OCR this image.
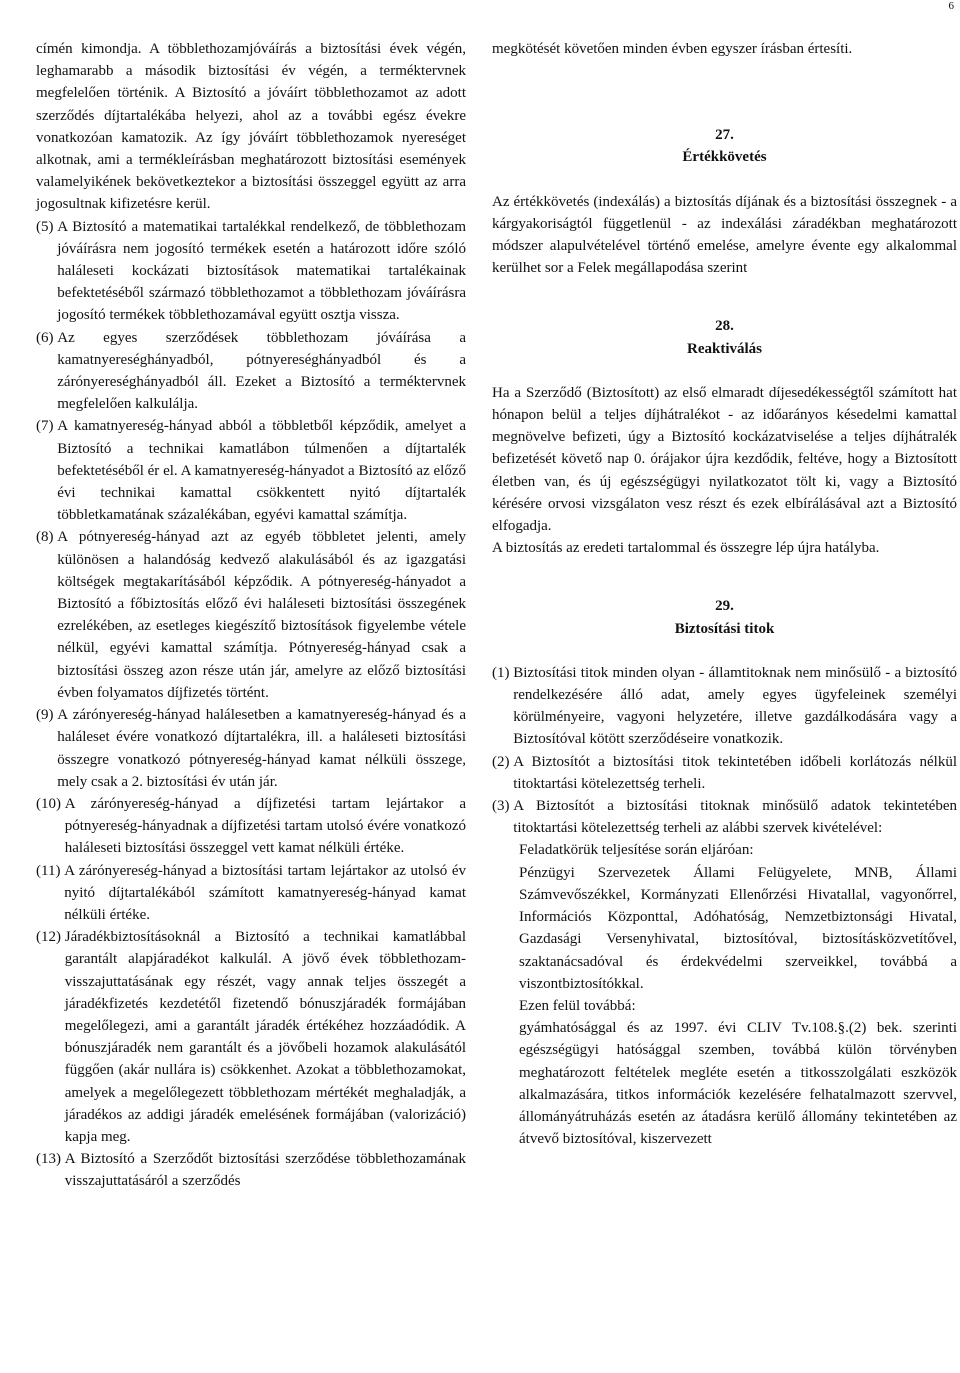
6

címén kimondja. A többlethozamjóváírás a biztosítási évek végén, leghamarabb a második biztosítási év végén, a terméktervnek megfelelően történik. A Biztosító a jóváírt többlethozamot az adott szerződés díjtartalékába helyezi, ahol az a további egész évekre vonatkozóan kamatozik. Az így jóváírt többlethozamok nyereséget alkotnak, ami a termékleírásban meghatározott biztosítási események valamelyikének bekövetkeztekor a biztosítási összeggel együtt az arra jogosultnak kifizetésre kerül.

(5) A Biztosító a matematikai tartalékkal rendelkező, de többlethozam jóváírásra nem jogosító termékek esetén a határozott időre szóló haláleseti kockázati biztosítások matematikai tartalékainak befektetéséből származó többlethozamot a többlethozam jóváírásra jogosító termékek többlethozamával együtt osztja vissza.
(6) Az egyes szerződések többlethozam jóváírása a kamatnyereséghányadból, pótnyereséghányadból és a zárónyereséghányadból áll. Ezeket a Biztosító a terméktervnek megfelelően kalkulálja.
(7) A kamatnyereség-hányad abból a többletből képződik, amelyet a Biztosító a technikai kamatlábon túlmenően a díjtartalék befektetéséből ér el. A kamatnyereség-hányadot a Biztosító az előző évi technikai kamattal csökkentett nyitó díjtartalék többletkamatának százalékában, egyévi kamattal számítja.
(8) A pótnyereség-hányad azt az egyéb többletet jelenti, amely különösen a halandóság kedvező alakulásából és az igazgatási költségek megtakarításából képződik. A pótnyereség-hányadot a Biztosító a főbiztosítás előző évi haláleseti biztosítási összegének ezrelékében, az esetleges kiegészítő biztosítások figyelembe vétele nélkül, egyévi kamattal számítja. Pótnyereség-hányad csak a biztosítási összeg azon része után jár, amelyre az előző biztosítási évben folyamatos díjfizetés történt.
(9) A zárónyereség-hányad halálesetben a kamatnyereség-hányad és a haláleset évére vonatkozó díjtartalékra, ill. a haláleseti biztosítási összegre vonatkozó pótnyereség-hányad kamat nélküli összege, mely csak a 2. biztosítási év után jár.
(10) A zárónyereség-hányad a díjfizetési tartam lejártakor a pótnyereség-hányadnak a díjfizetési tartam utolsó évére vonatkozó haláleseti biztosítási összeggel vett kamat nélküli értéke.
(11) A zárónyereség-hányad a biztosítási tartam lejártakor az utolsó év nyitó díjtartalékából számított kamatnyereség-hányad kamat nélküli értéke.
(12) Járadékbiztosításoknál a Biztosító a technikai kamatlábbal garantált alapjáradékot kalkulál. A jövő évek többlethozam-visszajuttatásának egy részét, vagy annak teljes összegét a járadékfizetés kezdetétől fizetendő bónuszjáradék formájában megelőlegezi, ami a garantált járadék értékéhez hozzáadódik. A bónuszjáradék nem garantált és a jövőbeli hozamok alakulásától függően (akár nullára is) csökkenhet. Azokat a többlethozamokat, amelyek a megelőlegezett többlethozam mértékét meghaladják, a járadékos az addigi járadék emelésének formájában (valorizáció) kapja meg.
(13) A Biztosító a Szerződőt biztosítási szerződése többlethozamának visszajuttatásáról a szerződés

megkötését követően minden évben egyszer írásban értesíti.

27.
Értékkövetés

Az értékkövetés (indexálás) a biztosítás díjának és a biztosítási összegnek - a kárgyakoriságtól függetlenül - az indexálási záradékban meghatározott módszer alapulvételével történő emelése, amelyre évente egy alkalommal kerülhet sor a Felek megállapodása szerint

28.
Reaktiválás

Ha a Szerződő (Biztosított) az első elmaradt díjesedékességtől számított hat hónapon belül a teljes díjhátralékot - az időarányos késedelmi kamattal megnövelve befizeti, úgy a Biztosító kockázatviselése a teljes díjhátralék befizetését követő nap 0. órájakor újra kezdődik, feltéve, hogy a Biztosított életben van, és új egészségügyi nyilatkozatot tölt ki, vagy a Biztosító kérésére orvosi vizsgálaton vesz részt és ezek elbírálásával azt a Biztosító elfogadja.

A biztosítás az eredeti tartalommal és összegre lép újra hatályba.

29.
Biztosítási titok
(1) Biztosítási titok minden olyan - államtitoknak nem minősülő - a biztosító rendelkezésére álló adat, amely egyes ügyfeleinek személyi körülményeire, vagyoni helyzetére, illetve gazdálkodására vagy a Biztosítóval kötött szerződéseire vonatkozik.
(2) A Biztosítót a biztosítási titok tekintetében időbeli korlátozás nélkül titoktartási kötelezettség terheli.
(3) A Biztosítót a biztosítási titoknak minősülő adatok tekintetében titoktartási kötelezettség terheli az alábbi szervek kivételével:

Feladatkörük teljesítése során eljáróan:

Pénzügyi Szervezetek Állami Felügyelete, MNB, Állami Számvevőszékkel, Kormányzati Ellenőrzési Hivatallal, vagyonőrrel, Információs Központtal, Adóhatóság, Nemzetbiztonsági Hivatal, Gazdasági Versenyhivatal, biztosítóval, biztosításközvetítővel, szaktanácsadóval és érdekvédelmi szerveikkel, továbbá a viszontbiztosítókkal.

Ezen felül továbbá:

gyámhatósággal és az 1997. évi CLIV Tv.108.§.(2) bek. szerinti egészségügyi hatósággal szemben, továbbá külön törvényben meghatározott feltételek megléte esetén a titkosszolgálati eszközök alkalmazására, titkos információk kezelésére felhatalmazott szervvel, állományátruházás esetén az átadásra kerülő állomány tekintetében az átvevő biztosítóval, kiszervezett
